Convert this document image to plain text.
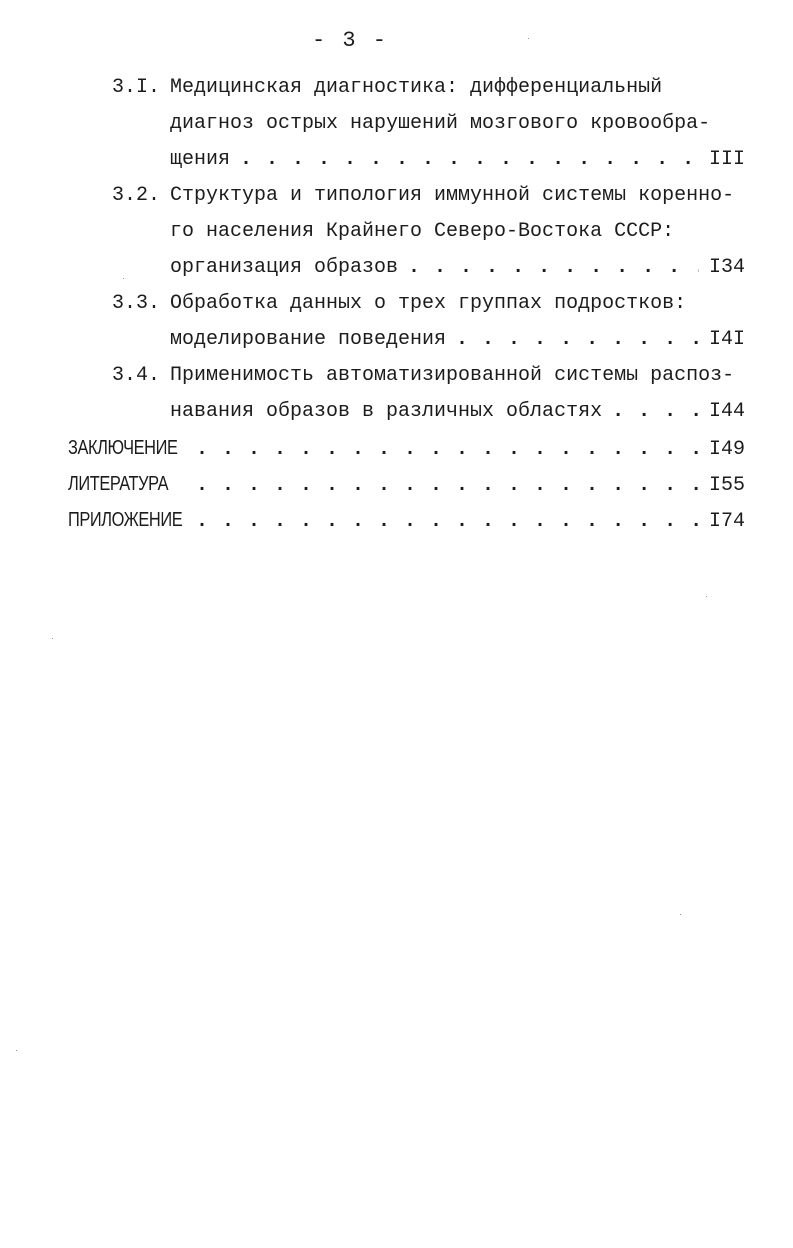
- 3 -
3.I. Медицинская диагностика: дифференциальный
диагноз острых нарушений мозгового кровообра-
щения . . .	III
3.2. Структура и типология иммунной системы коренно-
го населения Крайнего Северо-Востока СССР:
организация образов . . .	I34
3.3. Обработка данных о трех группах подростков:
моделирование поведения . . .	I4I
3.4. Применимость автоматизированной системы распоз-
навания образов в различных областях . . .	I44
ЗАКЛЮЧЕНИЕ . . .	I49
ЛИТЕРАТУРА . . .	I55
ПРИЛОЖЕНИЕ . . .	I74
